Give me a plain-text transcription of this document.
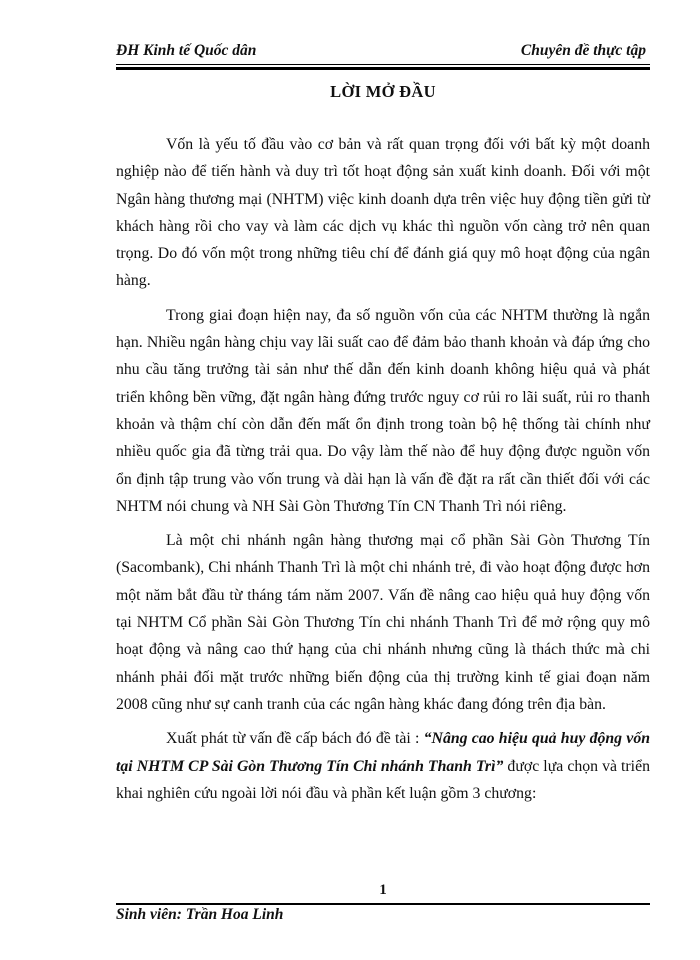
ĐH Kinh tế Quốc dân	Chuyên đề thực tập
LỜI MỞ ĐẦU

Vốn là yếu tố đầu vào cơ bản và rất quan trọng đối với bất kỳ một doanh nghiệp nào để tiến hành và duy trì tốt hoạt động sản xuất kinh doanh. Đối với một Ngân hàng thương mại (NHTM) việc kinh doanh dựa trên việc huy động tiền gửi từ khách hàng rồi cho vay và làm các dịch vụ khác thì nguồn vốn càng trở nên quan trọng. Do đó vốn một trong những tiêu chí để đánh giá quy mô hoạt động của ngân hàng.

Trong giai đoạn hiện nay, đa số nguồn vốn của các NHTM thường là ngắn hạn. Nhiều ngân hàng chịu vay lãi suất cao để đảm bảo thanh khoản và đáp ứng cho nhu cầu tăng trưởng tài sản như thế dẫn đến kinh doanh không hiệu quả và phát triển không bền vững, đặt ngân hàng đứng trước nguy cơ rủi ro lãi suất, rủi ro thanh khoản và thậm chí còn dẫn đến mất ổn định trong toàn bộ hệ thống tài chính như nhiều quốc gia đã từng trải qua. Do vậy làm thế nào để huy động được nguồn vốn ổn định tập trung vào vốn trung và dài hạn là vấn đề đặt ra rất cần thiết đối với các NHTM nói chung và NH Sài Gòn Thương Tín CN Thanh Trì nói riêng.

Là một chi nhánh ngân hàng thương mại cổ phần Sài Gòn Thương Tín (Sacombank), Chi nhánh Thanh Trì là một chi nhánh trẻ, đi vào hoạt động được hơn một năm bắt đầu từ tháng tám năm 2007. Vấn đề nâng cao hiệu quả huy động vốn tại NHTM Cổ phần Sài Gòn Thương Tín chi nhánh Thanh Trì để mở rộng quy mô hoạt động và nâng cao thứ hạng của chi nhánh nhưng cũng là thách thức mà chi nhánh phải đối mặt trước những biến động của thị trường kinh tế giai đoạn năm 2008 cũng như sự canh tranh của các ngân hàng khác đang đóng trên địa bàn.

Xuất phát từ vấn đề cấp bách đó đề tài : “Nâng cao hiệu quả huy động vốn tại NHTM CP Sài Gòn Thương Tín Chi nhánh Thanh Trì” được lựa chọn và triển khai nghiên cứu ngoài lời nói đầu và phần kết luận gồm 3 chương:

1
Sinh viên: Trần Hoa Linh
